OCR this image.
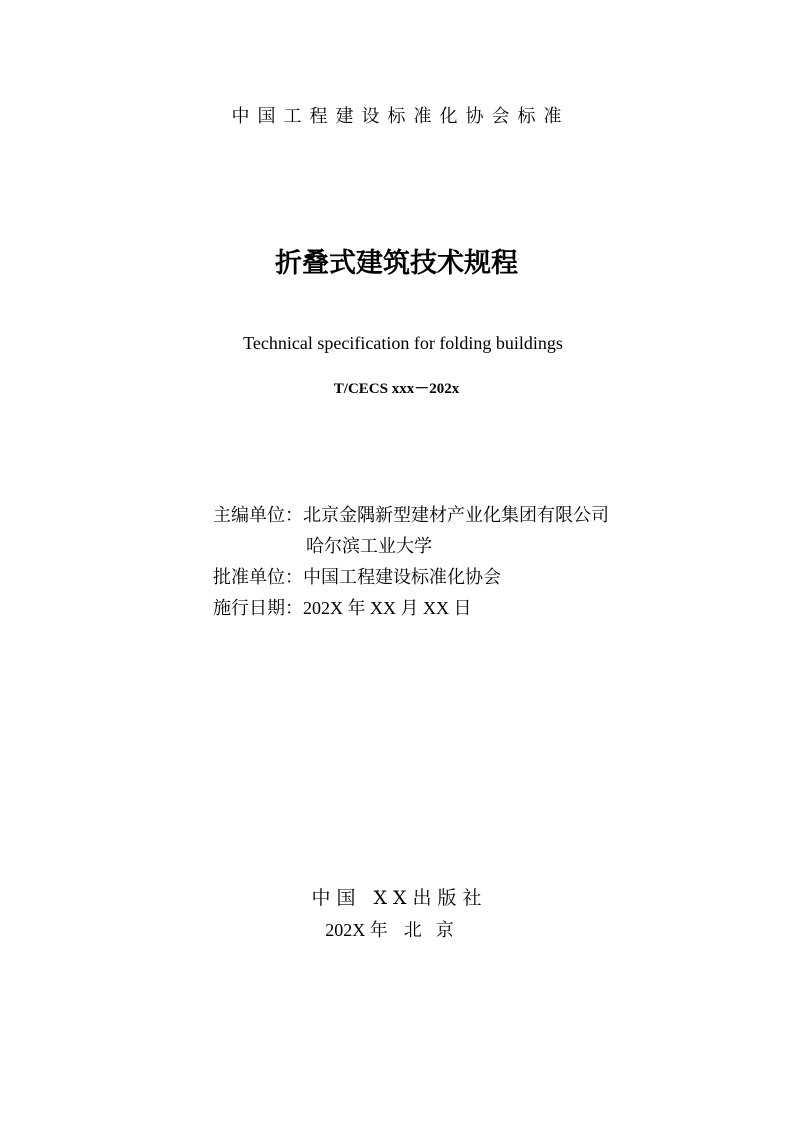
中国工程建设标准化协会标准
折叠式建筑技术规程
Technical specification for folding buildings
T/CECS xxx－202x
主编单位： 北京金隅新型建材产业化集团有限公司
哈尔滨工业大学
批准单位： 中国工程建设标准化协会
施行日期： 202X 年 XX 月 XX 日
中国 XX出版社
202X 年 北京
